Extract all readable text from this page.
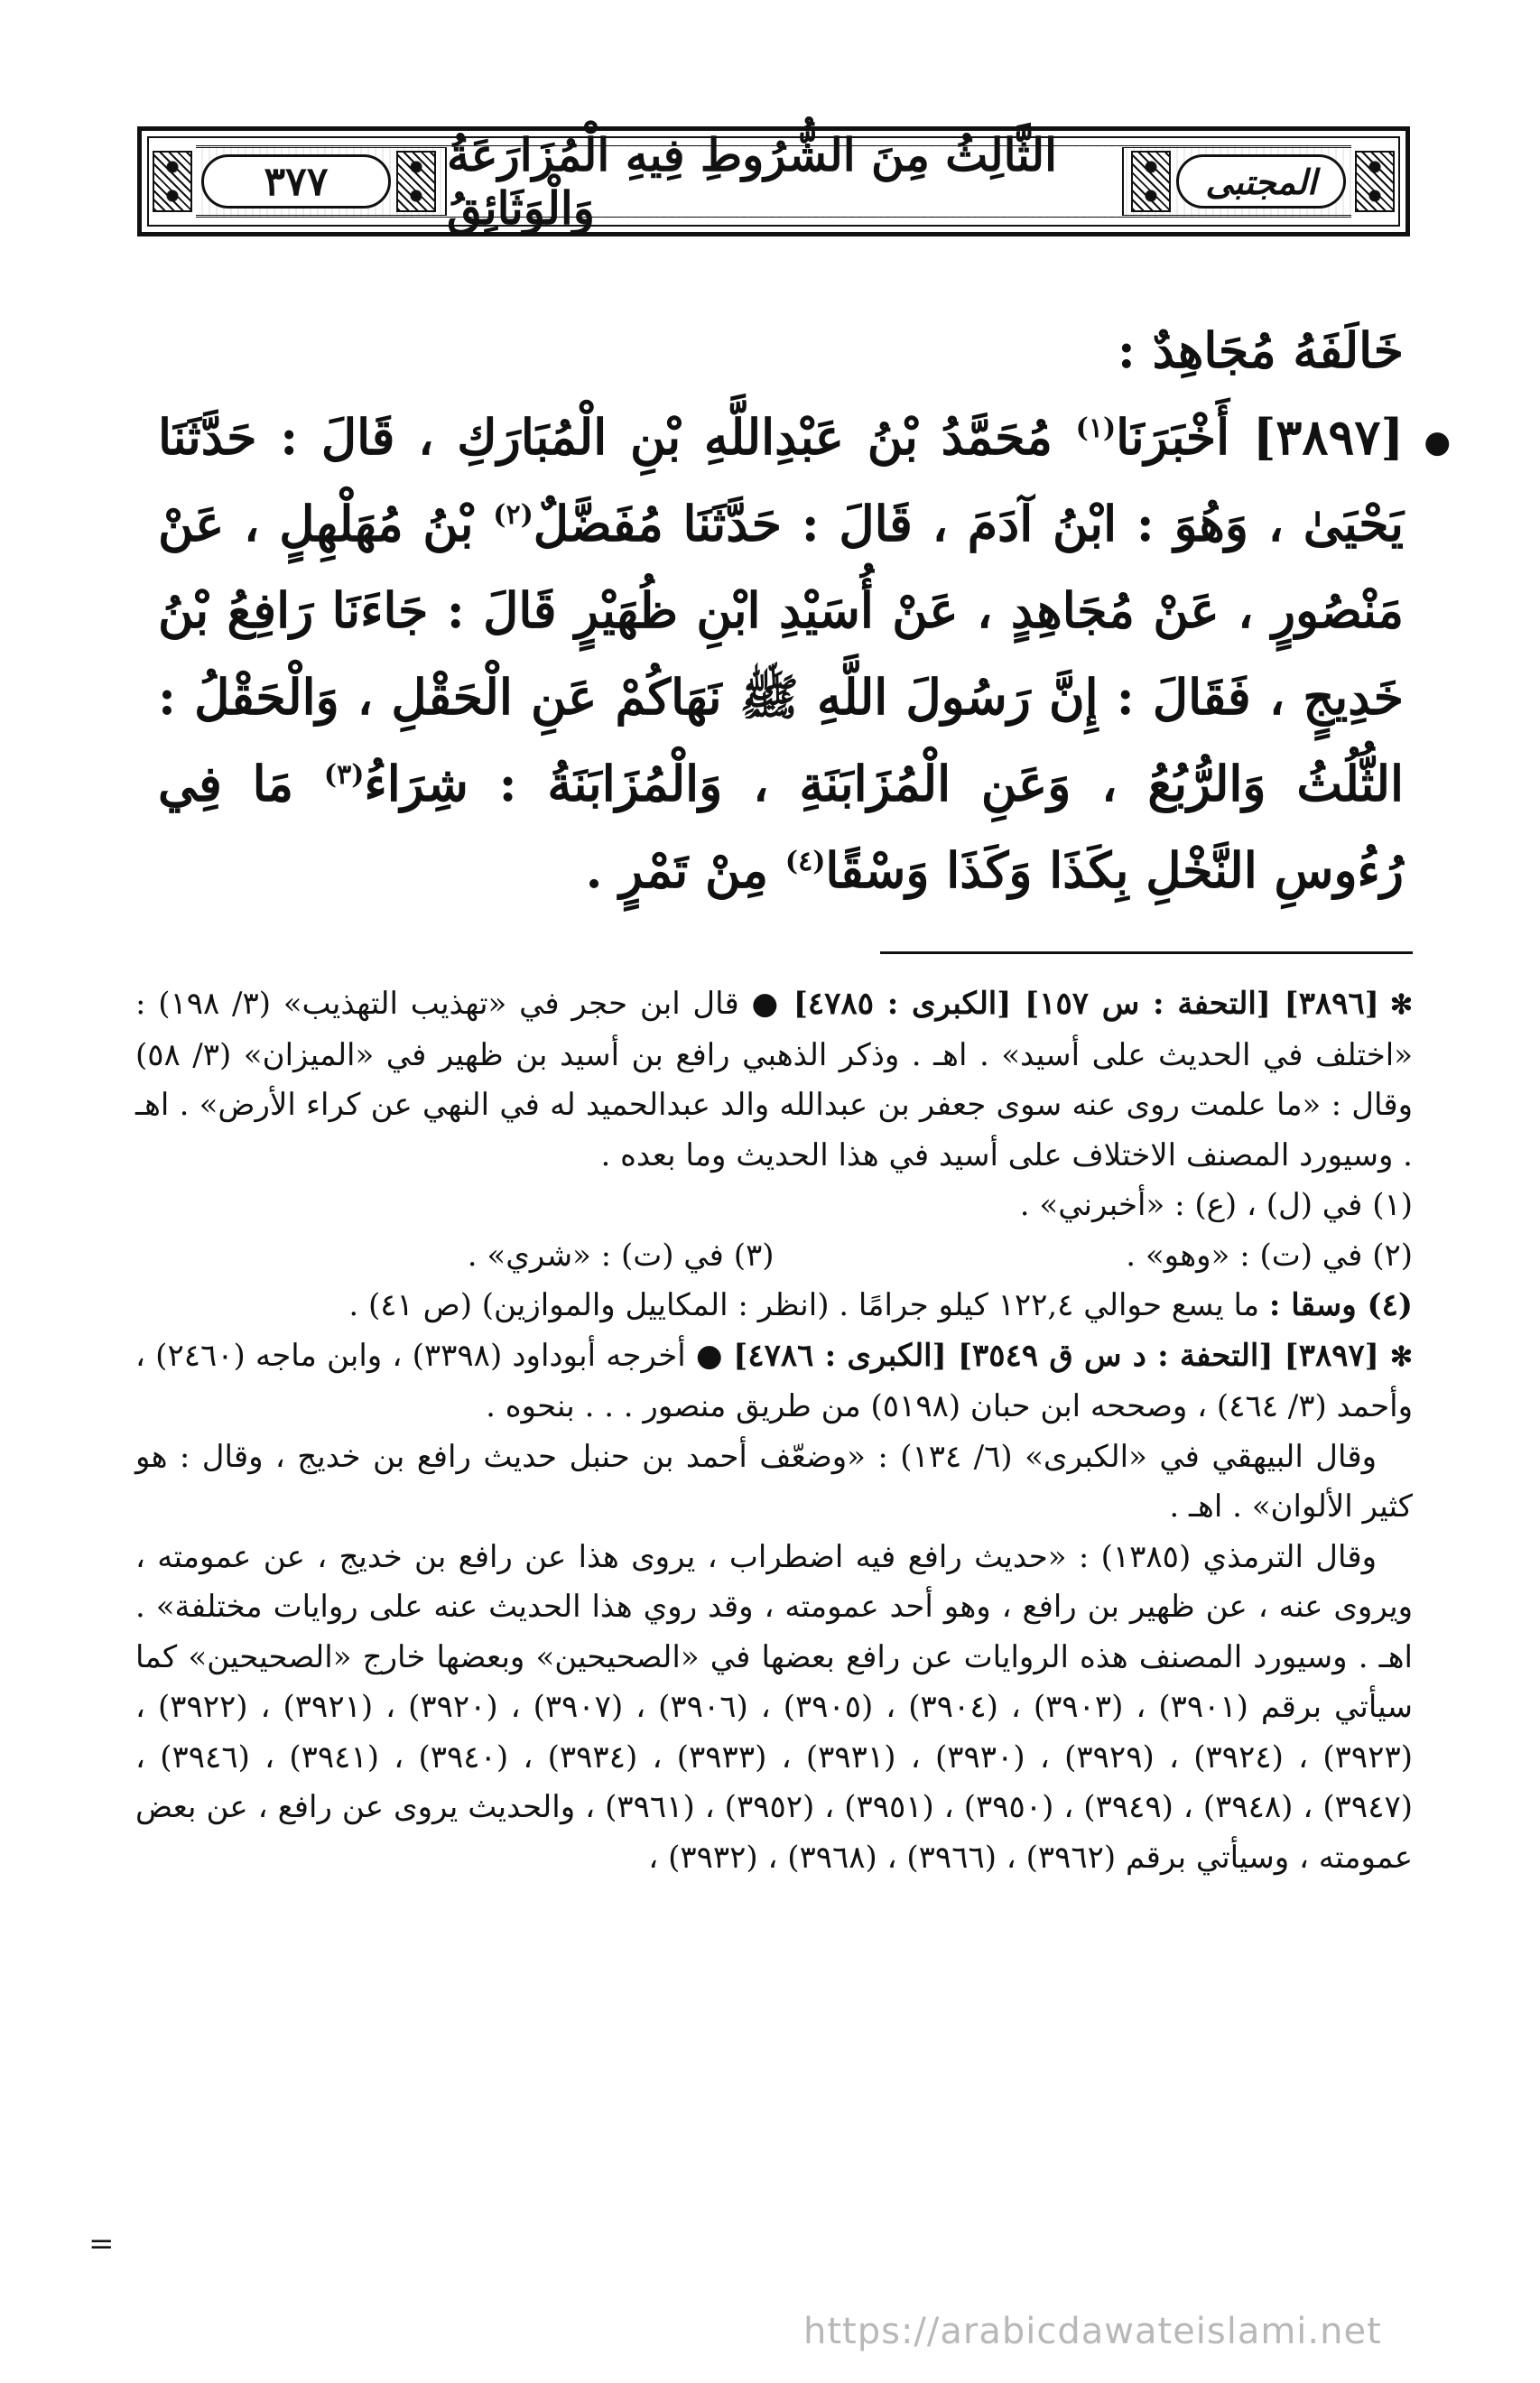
٣٧٧	الثَّالِثُ مِنَ الشُّرُوطِ فِيهِ الْمُزَارَعَةُ وَالْوَثَائِقُ	المجتبى

خَالَفَهُ مُجَاهِدٌ :

●
[٣٨٩٧] أَخْبَرَنَا$^{(١)}$ مُحَمَّدُ بْنُ عَبْدِاللَّهِ بْنِ الْمُبَارَكِ ، قَالَ : حَدَّثَنَا يَحْيَىٰ ، وَهُوَ : ابْنُ آدَمَ ، قَالَ : حَدَّثَنَا مُفَضَّلٌ$^{(٢)}$ بْنُ مُهَلْهِلٍ ، عَنْ مَنْصُورٍ ، عَنْ مُجَاهِدٍ ، عَنْ أُسَيْدِ ابْنِ ظُهَيْرٍ قَالَ : جَاءَنَا رَافِعُ بْنُ خَدِيجٍ ، فَقَالَ : إِنَّ رَسُولَ اللَّهِ ﷺ نَهَاكُمْ عَنِ الْحَقْلِ ، وَالْحَقْلُ : الثُّلُثُ وَالرُّبُعُ ، وَعَنِ الْمُزَابَنَةِ ، وَالْمُزَابَنَةُ : شِرَاءُ$^{(٣)}$ مَا فِي رُءُوسِ النَّخْلِ بِكَذَا وَكَذَا وَسْقًا$^{(٤)}$ مِنْ تَمْرٍ .

✻[٣٨٩٦] [التحفة : س ١٥٧] [الكبرى : ٤٧٨٥] ● قال ابن حجر في «تهذيب التهذيب» (٣/ ١٩٨) : «اختلف في الحديث على أسيد» . اهـ . وذكر الذهبي رافع بن أسيد بن ظهير في «الميزان» (٣/ ٥٨) وقال : «ما علمت روى عنه سوى جعفر بن عبدالله والد عبدالحميد له في النهي عن كراء الأرض» . اهـ . وسيورد المصنف الاختلاف على أسيد في هذا الحديث وما بعده .

(١) في (ل) ، (ع) : «أخبرني» .

(٢) في (ت) : «وهو» .
(٣) في (ت) : «شري» .

(٤) وسقا : ما يسع حوالي ١٢٢,٤ كيلو جرامًا . (انظر : المكاييل والموازين) (ص ٤١) .

✻[٣٨٩٧] [التحفة : د س ق ٣٥٤٩] [الكبرى : ٤٧٨٦] ● أخرجه أبوداود (٣٣٩٨) ، وابن ماجه (٢٤٦٠) ، وأحمد (٣/ ٤٦٤) ، وصححه ابن حبان (٥١٩٨) من طريق منصور . . . بنحوه .

وقال البيهقي في «الكبرى» (٦/ ١٣٤) : «وضعّف أحمد بن حنبل حديث رافع بن خديج ، وقال : هو كثير الألوان» . اهـ .

وقال الترمذي (١٣٨٥) : «حديث رافع فيه اضطراب ، يروى هذا عن رافع بن خديج ، عن عمومته ، ويروى عنه ، عن ظهير بن رافع ، وهو أحد عمومته ، وقد روي هذا الحديث عنه على روايات مختلفة» . اهـ . وسيورد المصنف هذه الروايات عن رافع بعضها في «الصحيحين» وبعضها خارج «الصحيحين» كما سيأتي برقم (٣٩٠١) ، (٣٩٠٣) ، (٣٩٠٤) ، (٣٩٠٥) ، (٣٩٠٦) ، (٣٩٠٧) ، (٣٩٢٠) ، (٣٩٢١) ، (٣٩٢٢) ، (٣٩٢٣) ، (٣٩٢٤) ، (٣٩٢٩) ، (٣٩٣٠) ، (٣٩٣١) ، (٣٩٣٣) ، (٣٩٣٤) ، (٣٩٤٠) ، (٣٩٤١) ، (٣٩٤٦) ، (٣٩٤٧) ، (٣٩٤٨) ، (٣٩٤٩) ، (٣٩٥٠) ، (٣٩٥١) ، (٣٩٥٢) ، (٣٩٦١) ، والحديث يروى عن رافع ، عن بعض عمومته ، وسيأتي برقم (٣٩٦٢) ، (٣٩٦٦) ، (٣٩٦٨) ، (٣٩٣٢) ،

=
https://arabicdawateislami.net
